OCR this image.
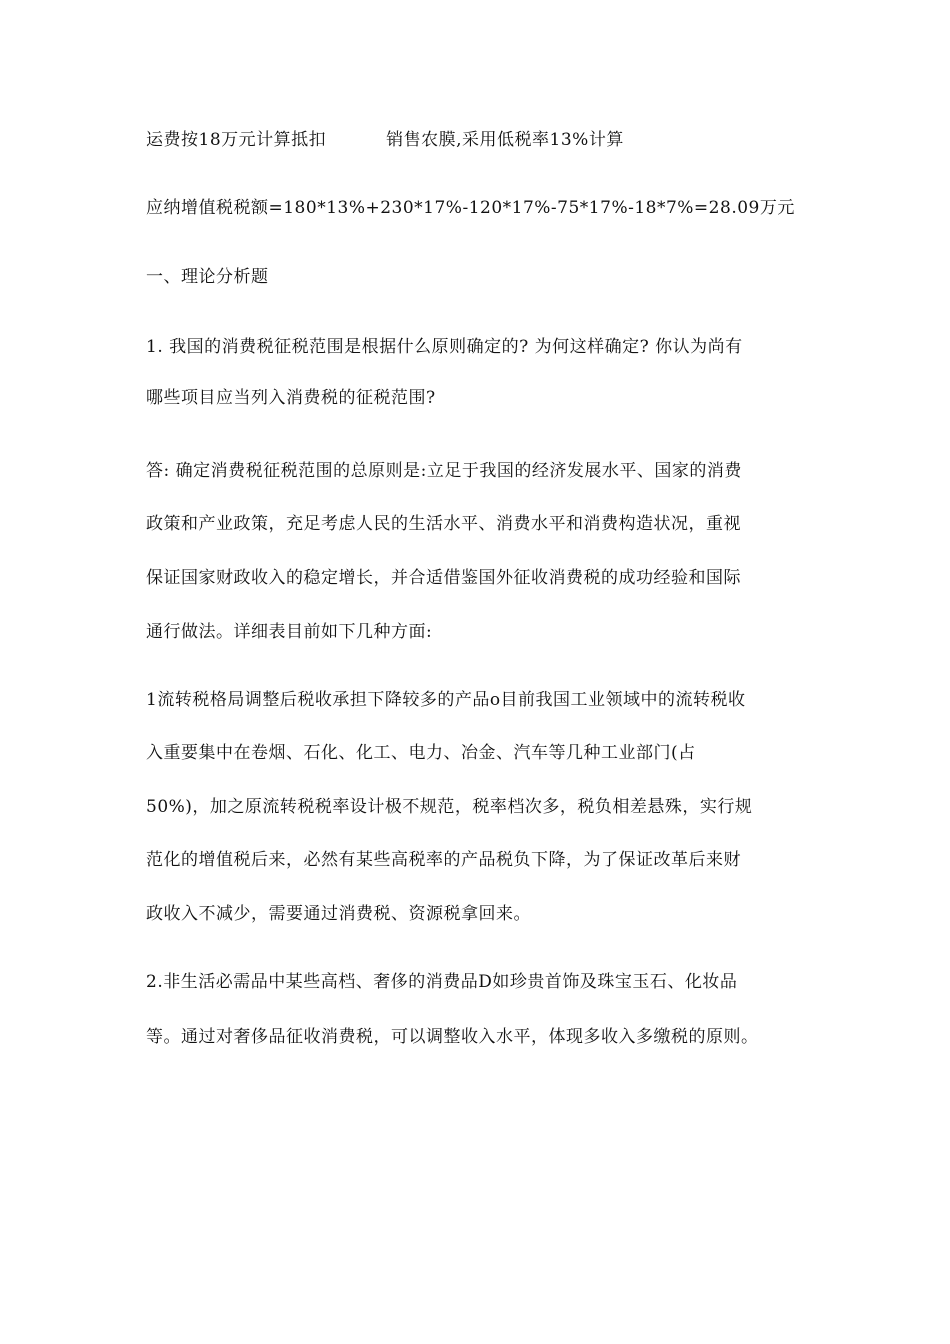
运费按18万元计算抵扣	销售农膜,采用低税率13%计算
应纳增值税税额=180*13%+230*17%-120*17%-75*17%-18*7%=28.09万元
一、理论分析题
1. 我国的消费税征税范围是根据什么原则确定的? 为何这样确定? 你认为尚有
哪些项目应当列入消费税的征税范围?
答: 确定消费税征税范围的总原则是:立足于我国的经济发展水平、国家的消费
政策和产业政策，充足考虑人民的生活水平、消费水平和消费构造状况，重视
保证国家财政收入的稳定增长，并合适借鉴国外征收消费税的成功经验和国际
通行做法。详细表目前如下几种方面:
1流转税格局调整后税收承担下降较多的产品o目前我国工业领域中的流转税收
入重要集中在卷烟、石化、化工、电力、冶金、汽车等几种工业部门(占
50%)，加之原流转税税率设计极不规范，税率档次多，税负相差悬殊，实行规
范化的增值税后来，必然有某些高税率的产品税负下降，为了保证改革后来财
政收入不减少，需要通过消费税、资源税拿回来。
2.非生活必需品中某些高档、奢侈的消费品D如珍贵首饰及珠宝玉石、化妆品
等。通过对奢侈品征收消费税，可以调整收入水平，体现多收入多缴税的原则。
